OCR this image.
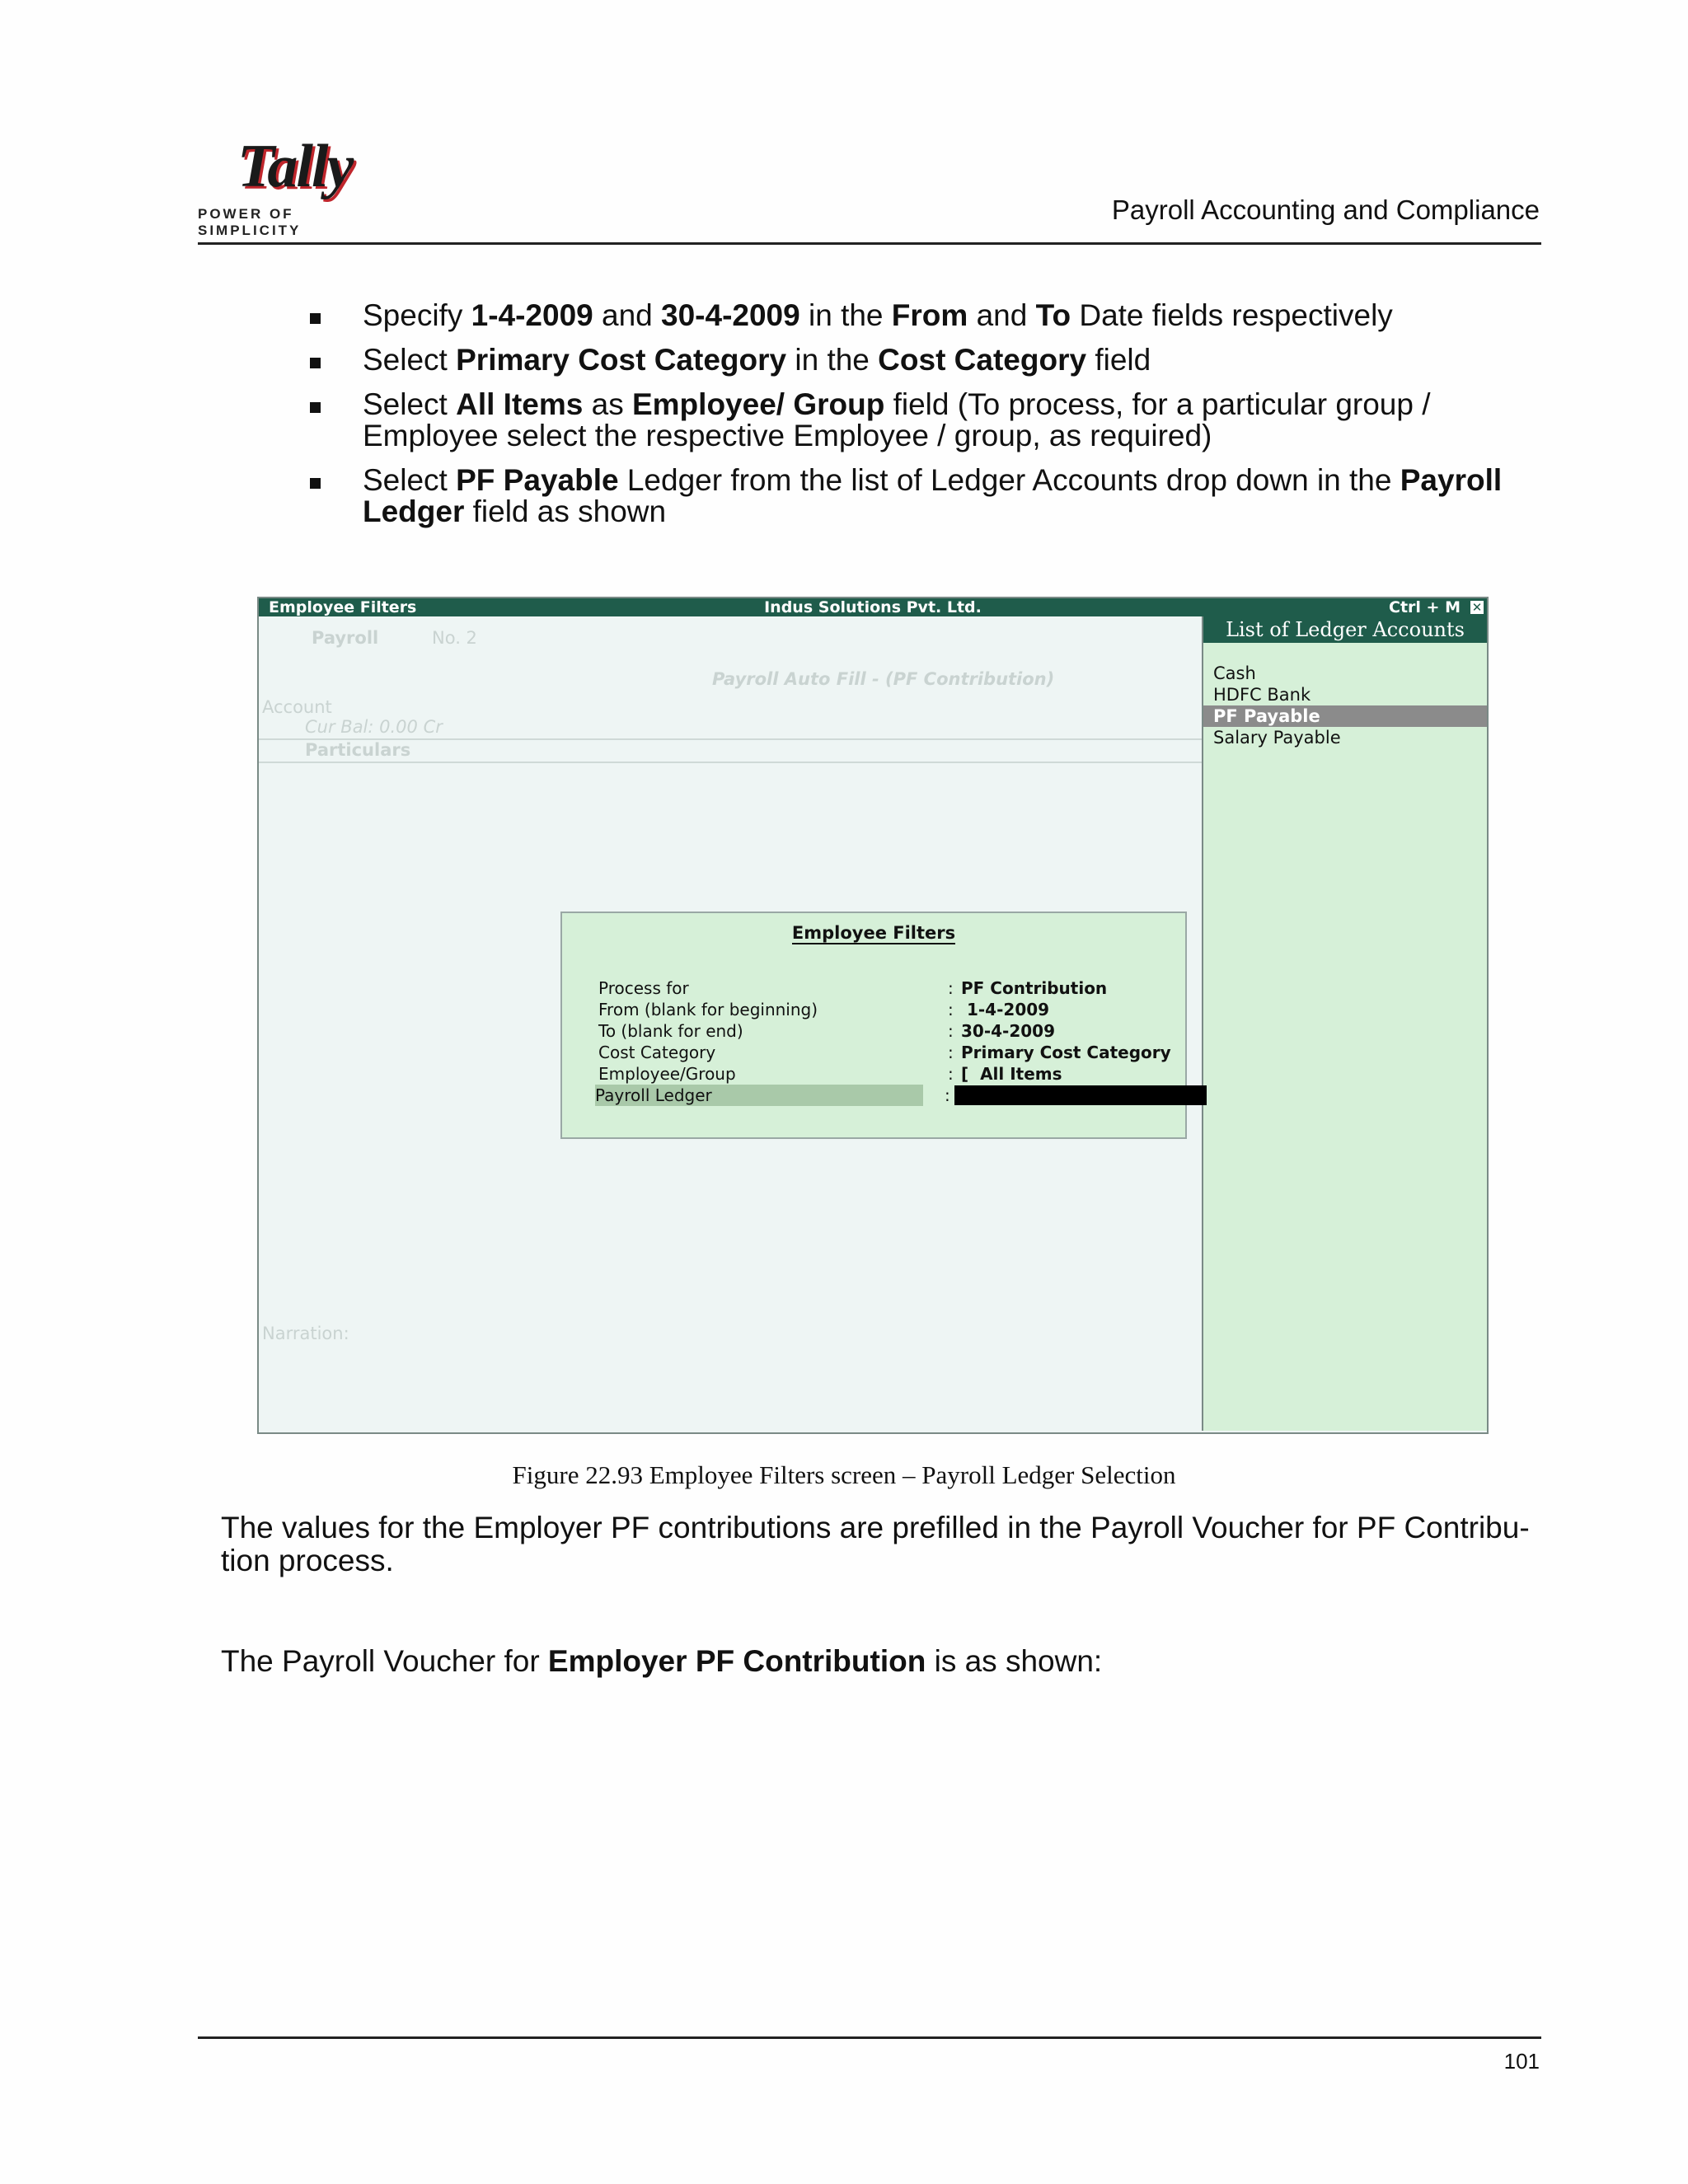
Tally
POWER OF SIMPLICITY
Payroll Accounting and Compliance
Specify 1-4-2009 and 30-4-2009 in the From and To Date fields respectively
Select Primary Cost Category in the Cost Category field
Select All Items as Employee/ Group field (To process, for a particular group / Employee select the respective Employee / group, as required)
Select PF Payable Ledger from the list of Ledger Accounts drop down in the Payroll Ledger field as shown
Indus Solutions Pvt. Ltd.
Employee Filters	Ctrl + M ✕
Payroll	No. 2
Payroll Auto Fill - (PF Contribution)
Account
Cur Bal: 0.00 Cr
Particulars
Narration:
List of Ledger Accounts
Cash
HDFC Bank
PF Payable
Salary Payable
Employee Filters
Process for	: PF Contribution
From (blank for beginning)	: 1-4-2009
To (blank for end)	: 30-4-2009
Cost Category	: Primary Cost Category
Employee/Group	: [  All Items
Payroll Ledger	:
Figure 22.93 Employee Filters screen – Payroll Ledger Selection
The values for the Employer PF contributions are prefilled in the Payroll Voucher for PF Contribu- tion process.
The Payroll Voucher for Employer PF Contribution is as shown:
101
